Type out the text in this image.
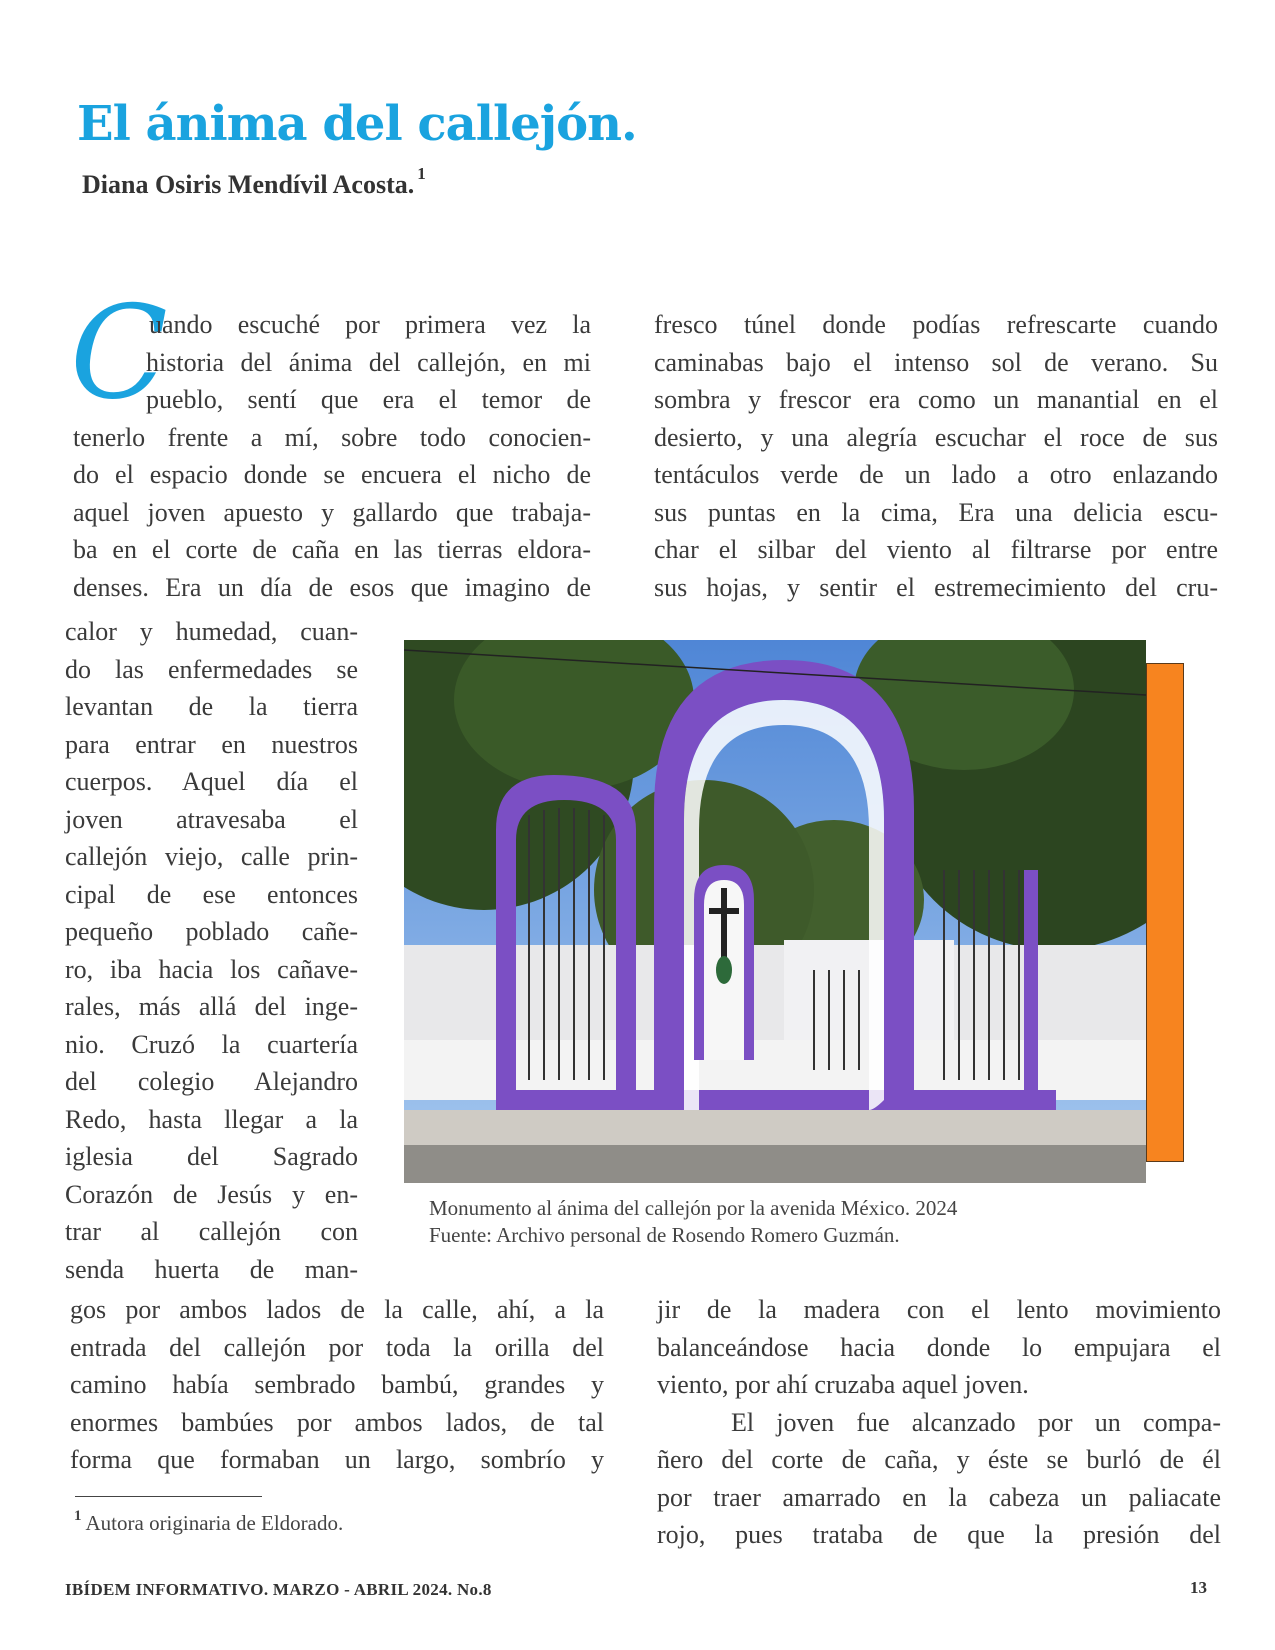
El ánima del callejón.
Diana Osiris Mendívil Acosta. $^1$
C
uando escuché por primera vez la
historia del ánima del callejón, en mi
pueblo, sentí que era el temor de
tenerlo frente a mí, sobre todo conocien-
do el espacio donde se encuera el nicho de
aquel joven apuesto y gallardo que trabaja-
ba en el corte de caña en las tierras eldora-
denses. Era un día de esos que imagino de
fresco túnel donde podías refrescarte cuando
caminabas bajo el intenso sol de verano. Su
sombra y frescor era como un manantial en el
desierto, y una alegría escuchar el roce de sus
tentáculos verde de un lado a otro enlazando
sus puntas en la cima, Era una delicia escu-
char el silbar del viento al filtrarse por entre
sus hojas, y sentir el estremecimiento del cru-
calor y humedad, cuan-
do las enfermedades se
levantan de la tierra
para entrar en nuestros
cuerpos. Aquel día el
joven atravesaba el
callejón viejo, calle prin-
cipal de ese entonces
pequeño poblado cañe-
ro, iba hacia los cañave-
rales, más allá del inge-
nio. Cruzó la cuartería
del colegio Alejandro
Redo, hasta llegar a la
iglesia del Sagrado
Corazón de Jesús y en-
trar al callejón con
senda huerta de man-
Monumento al ánima del callejón por la avenida México. 2024
Fuente: Archivo personal de Rosendo Romero Guzmán.
gos por ambos lados de la calle, ahí, a la
entrada del callejón por toda la orilla del
camino había sembrado bambú, grandes y
enormes bambúes por ambos lados, de tal
forma que formaban un largo, sombrío y
jir de la madera con el lento movimiento
balanceándose hacia donde lo empujara el
viento, por ahí cruzaba aquel joven.
El joven fue alcanzado por un compa-
ñero del corte de caña, y éste se burló de él
por traer amarrado en la cabeza un paliacate
rojo, pues trataba de que la presión del
$^1$ Autora originaria de Eldorado.
IBÍDEM INFORMATIVO. MARZO - ABRIL 2024. No.8	13
